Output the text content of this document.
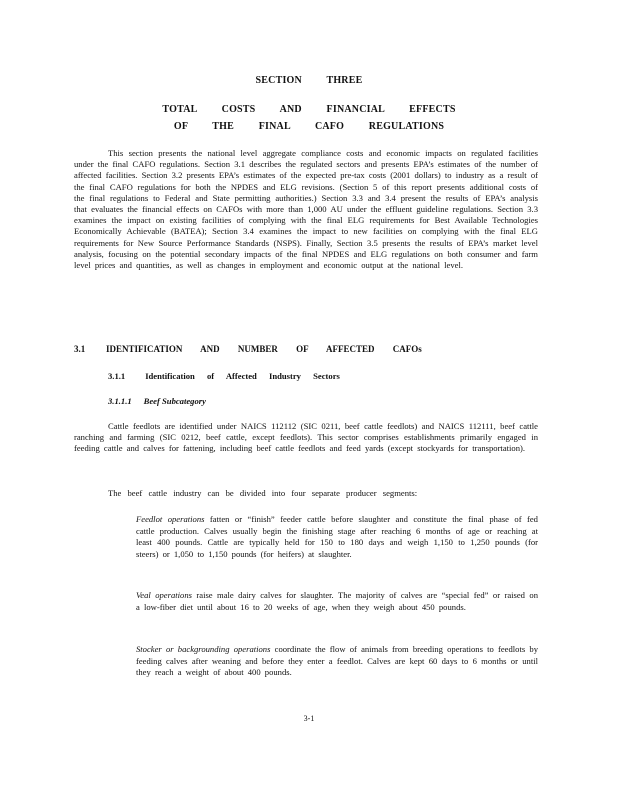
SECTION THREE
TOTAL COSTS AND FINANCIAL EFFECTS
OF THE FINAL CAFO REGULATIONS

This section presents the national level aggregate compliance costs and economic impacts on regulated facilities under the final CAFO regulations. Section 3.1 describes the regulated sectors and presents EPA’s estimates of the number of affected facilities. Section 3.2 presents EPA’s estimates of the expected pre-tax costs (2001 dollars) to industry as a result of the final CAFO regulations for both the NPDES and ELG revisions. (Section 5 of this report presents additional costs of the final regulations to Federal and State permitting authorities.) Section 3.3 and 3.4 present the results of EPA’s analysis that evaluates the financial effects on CAFOs with more than 1,000 AU under the effluent guideline regulations. Section 3.3 examines the impact on existing facilities of complying with the final ELG requirements for Best Available Technologies Economically Achievable (BATEA); Section 3.4 examines the impact to new facilities on complying with the final ELG requirements for New Source Performance Standards (NSPS). Finally, Section 3.5 presents the results of EPA’s market level analysis, focusing on the potential secondary impacts of the final NPDES and ELG regulations on both consumer and farm level prices and quantities, as well as changes in employment and economic output at the national level.

3.1 IDENTIFICATION AND NUMBER OF AFFECTED CAFOs
3.1.1 Identification of Affected Industry Sectors
3.1.1.1 Beef Subcategory

Cattle feedlots are identified under NAICS 112112 (SIC 0211, beef cattle feedlots) and NAICS 112111, beef cattle ranching and farming (SIC 0212, beef cattle, except feedlots). This sector comprises establishments primarily engaged in feeding cattle and calves for fattening, including beef cattle feedlots and feed yards (except stockyards for transportation).

The beef cattle industry can be divided into four separate producer segments:

Feedlot operations fatten or “finish” feeder cattle before slaughter and constitute the final phase of fed cattle production. Calves usually begin the finishing stage after reaching 6 months of age or reaching at least 400 pounds. Cattle are typically held for 150 to 180 days and weigh 1,150 to 1,250 pounds (for steers) or 1,050 to 1,150 pounds (for heifers) at slaughter.

Veal operations raise male dairy calves for slaughter. The majority of calves are “special fed” or raised on a low-fiber diet until about 16 to 20 weeks of age, when they weigh about 450 pounds.

Stocker or backgrounding operations coordinate the flow of animals from breeding operations to feedlots by feeding calves after weaning and before they enter a feedlot. Calves are kept 60 days to 6 months or until they reach a weight of about 400 pounds.

3-1
